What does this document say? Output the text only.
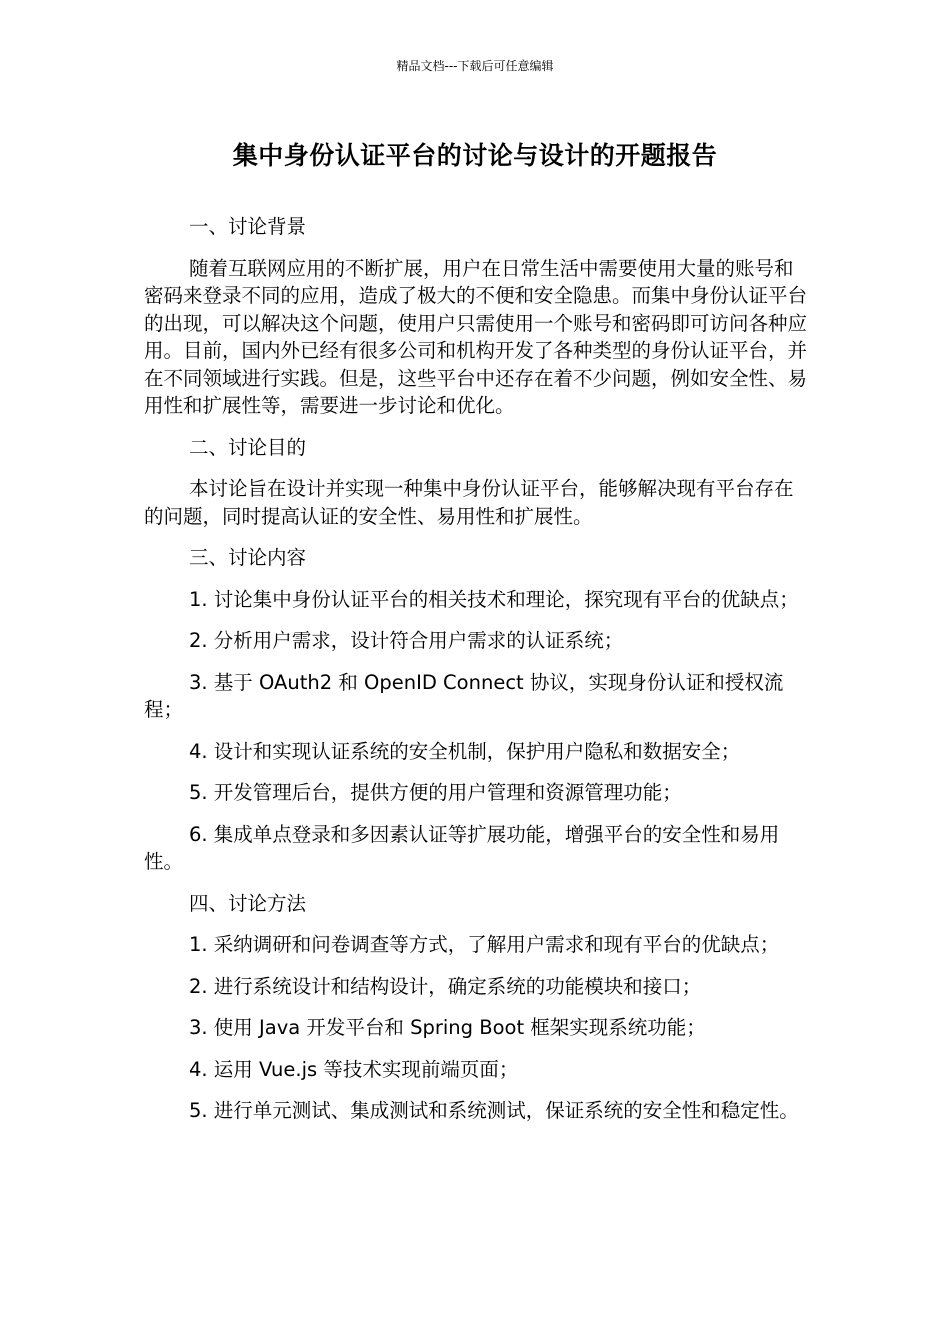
精品文档---下载后可任意编辑
集中身份认证平台的讨论与设计的开题报告

一、讨论背景

随着互联网应用的不断扩展，用户在日常生活中需要使用大量的账号和密码来登录不同的应用，造成了极大的不便和安全隐患。而集中身份认证平台的出现，可以解决这个问题，使用户只需使用一个账号和密码即可访问各种应用。目前，国内外已经有很多公司和机构开发了各种类型的身份认证平台，并在不同领域进行实践。但是，这些平台中还存在着不少问题，例如安全性、易用性和扩展性等，需要进一步讨论和优化。

二、讨论目的

本讨论旨在设计并实现一种集中身份认证平台，能够解决现有平台存在的问题，同时提高认证的安全性、易用性和扩展性。

三、讨论内容

1. 讨论集中身份认证平台的相关技术和理论，探究现有平台的优缺点；

2. 分析用户需求，设计符合用户需求的认证系统；

3. 基于 OAuth2 和 OpenID Connect 协议，实现身份认证和授权流程；

4. 设计和实现认证系统的安全机制，保护用户隐私和数据安全；

5. 开发管理后台，提供方便的用户管理和资源管理功能；

6. 集成单点登录和多因素认证等扩展功能，增强平台的安全性和易用性。

四、讨论方法

1. 采纳调研和问卷调查等方式，了解用户需求和现有平台的优缺点；

2. 进行系统设计和结构设计，确定系统的功能模块和接口；

3. 使用 Java 开发平台和 Spring Boot 框架实现系统功能；

4. 运用 Vue.js 等技术实现前端页面；

5. 进行单元测试、集成测试和系统测试，保证系统的安全性和稳定性。
